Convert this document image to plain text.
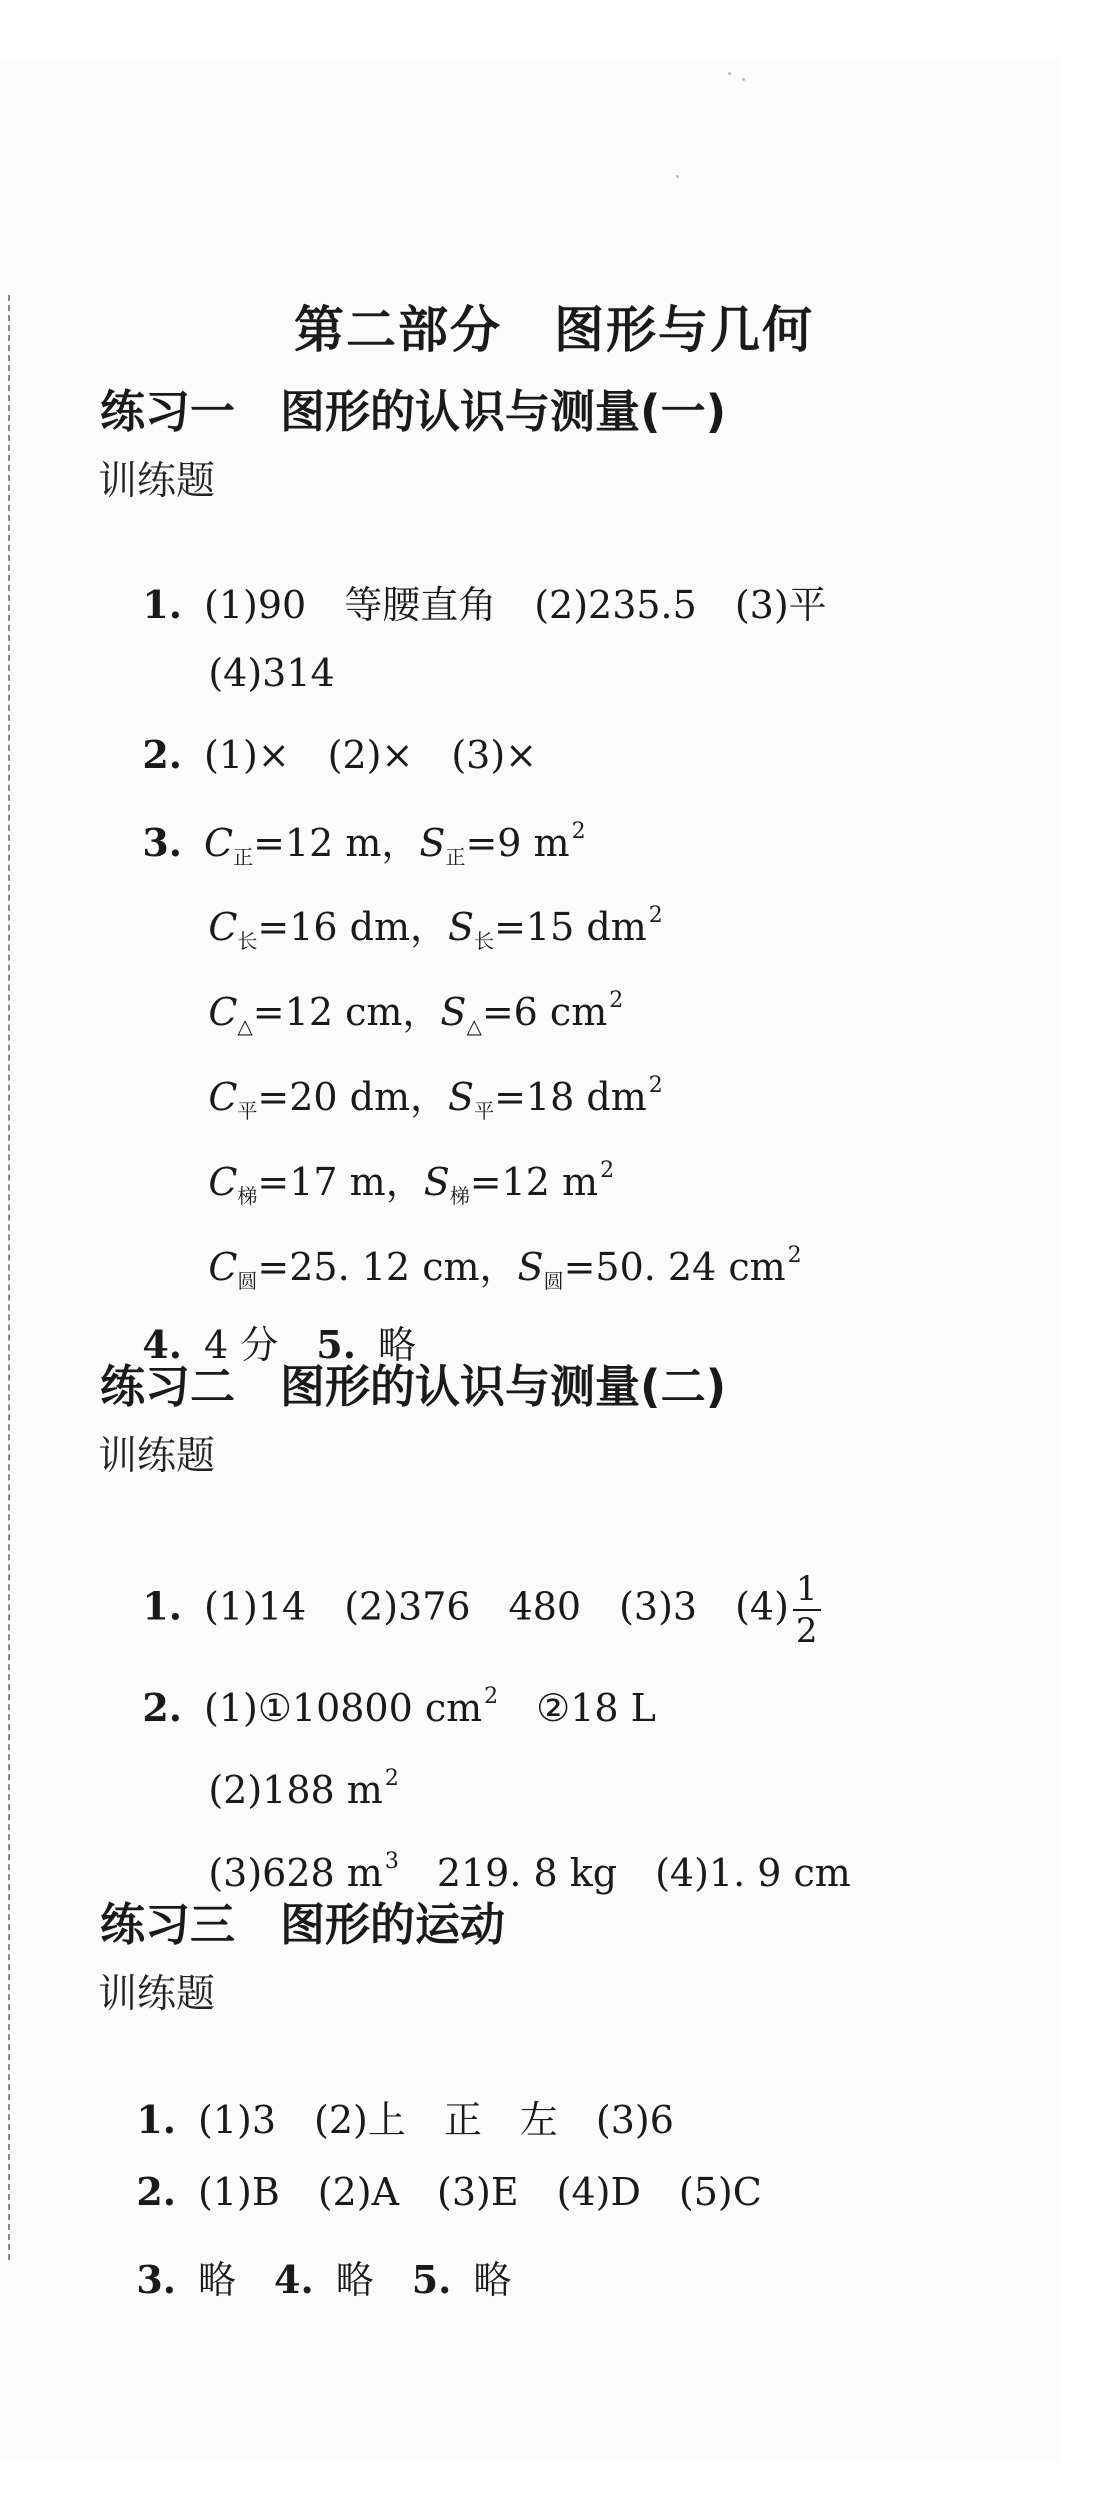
第二部分　图形与几何
练习一　图形的认识与测量(一)
训练题

1. (1)90 等腰直角 (2)235.5 (3)平

(4)314

2. (1)× (2)× (3)×

3. $C_正=12$ m，$S_正=9$ $m^2$

$C_长=16$ dm，$S_长=15$ $dm^2$

$C_\triangle=12$ cm，$S_\triangle=6$ $cm^2$

$C_平=20$ dm，$S_平=18$ $dm^2$

$C_梯=17$ m，$S_梯=12$ $m^2$

$C_圆=25$. 12 cm，$S_圆=50$. 24 $cm^2$

4. 4 分 5. 略

练习二　图形的认识与测量(二)
训练题

1. (1)14 (2)376 480 (3)3 $(4) \frac{1}{2}$

2. (1)①10800 $cm^2$ ②18 L

(2)188 $m^2$

(3)628 $m^3$ 219. 8 kg (4)1. 9 cm

练习三　图形的运动
训练题

1. (1)3 (2)上 正 左 (3)6

2. (1)B (2)A (3)E (4)D (5)C

3. 略 4. 略 5. 略
